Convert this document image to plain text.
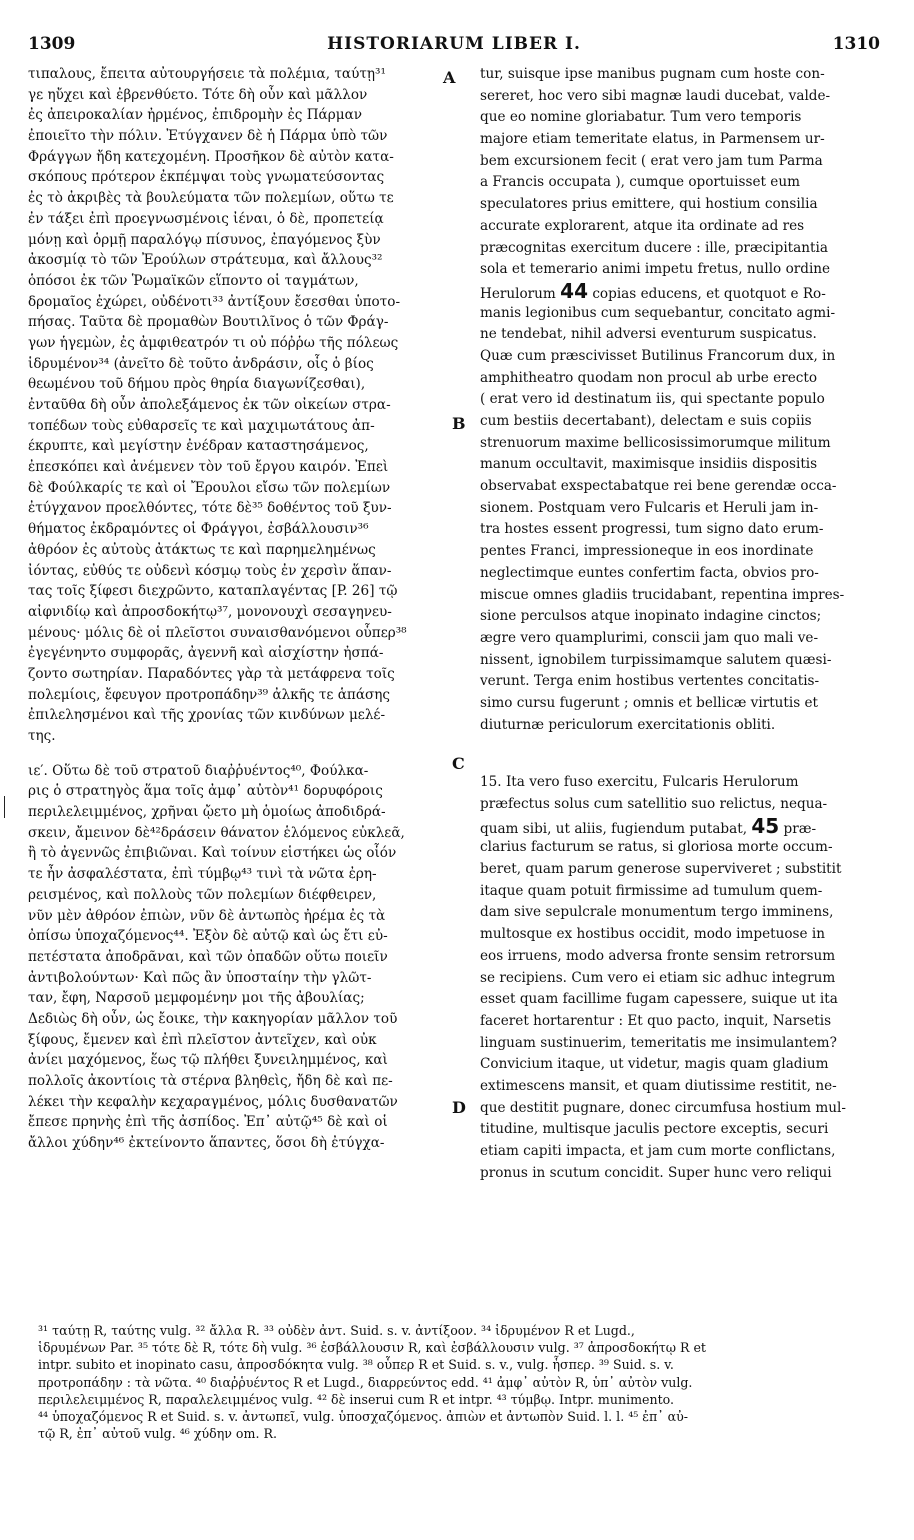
1309	HISTORIARUM LIBER I.	1310
τιπαλους, ἔπειτα αὐτουργήσειε τὰ πολέμια, ταύτῃ³¹
γε ηὔχει καὶ ἐβρενθύετο. Τότε δὴ οὖν καὶ μᾶλλον
ἐς ἀπειροκαλίαν ἠρμένος, ἐπιδρομὴν ἐς Πάρμαν
ἐποιεῖτο τὴν πόλιν. Ἐτύγχανεν δὲ ἡ Πάρμα ὑπὸ τῶν
Φράγγων ἤδη κατεχομένη. Προσῆκον δὲ αὐτὸν κατα-
σκόπους πρότερον ἐκπέμψαι τοὺς γνωματεύσοντας
ἐς τὸ ἀκριβὲς τὰ βουλεύματα τῶν πολεμίων, οὕτω τε
ἐν τάξει ἐπὶ προεγνωσμένοις ἰέναι, ὁ δὲ, προπετείᾳ
μόνῃ καὶ ὁρμῇ παραλόγῳ πίσυνος, ἐπαγόμενος ξὺν
ἀκοσμίᾳ τὸ τῶν Ἐρούλων στράτευμα, καὶ ἄλλους³²
ὁπόσοι ἐκ τῶν Ῥωμαϊκῶν εἵποντο οἱ ταγμάτων,
δρομαῖος ἐχώρει, οὐδένοτι³³ ἀντίξουν ἔσεσθαι ὑποτο-
πήσας. Ταῦτα δὲ προμαθὼν Βουτιλῖνος ὁ τῶν Φράγ-
γων ἡγεμὼν, ἐς ἀμφιθεατρόν τι οὐ πόῤῥω τῆς πόλεως
ἱδρυμένον³⁴ (ἀνεῖτο δὲ τοῦτο ἀνδράσιν, οἷς ὁ βίος
θεωμένου τοῦ δήμου πρὸς θηρία διαγωνίζεσθαι),
ἐνταῦθα δὴ οὖν ἀπολεξάμενος ἐκ τῶν οἰκείων στρα-
τοπέδων τοὺς εὐθαρσεῖς τε καὶ μαχιμωτάτους ἀπ-
έκρυπτε, καὶ μεγίστην ἐνέδραν καταστησάμενος,
ἐπεσκόπει καὶ ἀνέμενεν τὸν τοῦ ἔργου καιρόν. Ἐπεὶ
δὲ Φούλκαρίς τε καὶ οἱ Ἔρουλοι εἴσω τῶν πολεμίων
ἐτύγχανον προελθόντες, τότε δὲ³⁵ δοθέντος τοῦ ξυν-
θήματος ἐκδραμόντες οἱ Φράγγοι, ἐσβάλλουσιν³⁶
ἀθρόον ἐς αὐτοὺς ἀτάκτως τε καὶ παρημελημένως
ἰόντας, εὐθύς τε οὐδενὶ κόσμῳ τοὺς ἐν χερσὶν ἅπαν-
τας τοῖς ξίφεσι διεχρῶντο, καταπλαγέντας [P. 26] τῷ
αἰφνιδίῳ καὶ ἀπροσδοκήτῳ³⁷, μονονουχὶ σεσαγηνευ-
μένους· μόλις δὲ οἱ πλεῖστοι συναισθανόμενοι οὗπερ³⁸
ἐγεγένηντο συμφορᾶς, ἀγεννῆ καὶ αἰσχίστην ἠσπά-
ζοντο σωτηρίαν. Παραδόντες γὰρ τὰ μετάφρενα τοῖς
πολεμίοις, ἔφευγον προτροπάδην³⁹ ἀλκῆς τε ἁπάσης
ἐπιλελησμένοι καὶ τῆς χρονίας τῶν κινδύνων μελέ-
της.
ιε′. Οὕτω δὲ τοῦ στρατοῦ διαῤῥυέντος⁴⁰, Φούλκα-
ρις ὁ στρατηγὸς ἅμα τοῖς ἀμφ᾽ αὐτὸν⁴¹ δορυφόροις
περιλελειμμένος, χρῆναι ᾤετο μὴ ὁμοίως ἀποδιδρά-
σκειν, ἄμεινον δὲ⁴²δράσειν θάνατον ἑλόμενος εὐκλεᾶ,
ἢ τὸ ἀγεννῶς ἐπιβιῶναι. Καὶ τοίνυν εἱστήκει ὡς οἷόν
τε ἦν ἀσφαλέστατα, ἐπὶ τύμβῳ⁴³ τινὶ τὰ νῶτα ἐρη-
ρεισμένος, καὶ πολλοὺς τῶν πολεμίων διέφθειρεν,
νῦν μὲν ἀθρόον ἐπιὼν, νῦν δὲ ἀντωπὸς ἠρέμα ἐς τὰ
ὀπίσω ὑποχαζόμενος⁴⁴. Ἐξὸν δὲ αὐτῷ καὶ ὡς ἔτι εὐ-
πετέστατα ἀποδρᾶναι, καὶ τῶν ὀπαδῶν οὕτω ποιεῖν
ἀντιβολούντων· Καὶ πῶς ἂν ὑποσταίην τὴν γλῶτ-
ταν, ἔφη, Ναρσοῦ μεμφομένην μοι τῆς ἀβουλίας;
Δεδιὼς δὴ οὖν, ὡς ἔοικε, τὴν κακηγορίαν μᾶλλον τοῦ
ξίφους, ἔμενεν καὶ ἐπὶ πλεῖστον ἀντεῖχεν, καὶ οὐκ
ἀνίει μαχόμενος, ἕως τῷ πλήθει ξυνειλημμένος, καὶ
πολλοῖς ἀκοντίοις τὰ στέρνα βληθεὶς, ἤδη δὲ καὶ πε-
λέκει τὴν κεφαλὴν κεχαραγμένος, μόλις δυσθανατῶν
ἔπεσε πρηνὴς ἐπὶ τῆς ἀσπίδος. Ἐπ᾽ αὐτῷ⁴⁵ δὲ καὶ οἱ
ἄλλοι χύδην⁴⁶ ἐκτείνοντο ἅπαντες, ὅσοι δὴ ἐτύγχα-
A
B
C
D
tur, suisque ipse manibus pugnam cum hoste con-
sereret, hoc vero sibi magnæ laudi ducebat, valde-
que eo nomine gloriabatur. Tum vero temporis
majore etiam temeritate elatus, in Parmensem ur-
bem excursionem fecit ( erat vero jam tum Parma
a Francis occupata ), cumque oportuisset eum
speculatores prius emittere, qui hostium consilia
accurate explorarent, atque ita ordinate ad res
præcognitas exercitum ducere : ille, præcipitantia
sola et temerario animi impetu fretus, nullo ordine
Herulorum 44 copias educens, et quotquot e Ro-
manis legionibus cum sequebantur, concitato agmi-
ne tendebat, nihil adversi eventurum suspicatus.
Quæ cum præscivisset Butilinus Francorum dux, in
amphitheatro quodam non procul ab urbe erecto
( erat vero id destinatum iis, qui spectante populo
cum bestiis decertabant), delectam e suis copiis
strenuorum maxime bellicosissimorumque militum
manum occultavit, maximisque insidiis dispositis
observabat exspectabatque rei bene gerendæ occa-
sionem. Postquam vero Fulcaris et Heruli jam in-
tra hostes essent progressi, tum signo dato erum-
pentes Franci, impressioneque in eos inordinate
neglectimque euntes confertim facta, obvios pro-
miscue omnes gladiis trucidabant, repentina impres-
sione perculsos atque inopinato indagine cinctos;
ægre vero quamplurimi, conscii jam quo mali ve-
nissent, ignobilem turpissimamque salutem quæsi-
verunt. Terga enim hostibus vertentes concitatis-
simo cursu fugerunt ; omnis et bellicæ virtutis et
diuturnæ periculorum exercitationis obliti.
15. Ita vero fuso exercitu, Fulcaris Herulorum
præfectus solus cum satellitio suo relictus, nequa-
quam sibi, ut aliis, fugiendum putabat, 45 præ-
clarius facturum se ratus, si gloriosa morte occum-
beret, quam parum generose superviveret ; substitit
itaque quam potuit firmissime ad tumulum quem-
dam sive sepulcrale monumentum tergo imminens,
multosque ex hostibus occidit, modo impetuose in
eos irruens, modo adversa fronte sensim retrorsum
se recipiens. Cum vero ei etiam sic adhuc integrum
esset quam facillime fugam capessere, suique ut ita
faceret hortarentur : Et quo pacto, inquit, Narsetis
linguam sustinuerim, temeritatis me insimulantem?
Convicium itaque, ut videtur, magis quam gladium
extimescens mansit, et quam diutissime restitit, ne-
que destitit pugnare, donec circumfusa hostium mul-
titudine, multisque jaculis pectore exceptis, securi
etiam capiti impacta, et jam cum morte conflictans,
pronus in scutum concidit. Super hunc vero reliqui
³¹ ταύτῃ R, ταύτης vulg. ³² ἄλλα R. ³³ οὐδὲν ἀντ. Suid. s. v. ἀντίξοον. ³⁴ ἱδρυμένον R et Lugd.,
ἱδρυμένων Par. ³⁵ τότε δὲ R, τότε δὴ vulg. ³⁶ ἐσβάλλουσιν R, καὶ ἐσβάλλουσιν vulg. ³⁷ ἀπροσδοκήτῳ R et
intpr. subito et inopinato casu, ἀπροσδόκητα vulg. ³⁸ οὗπερ R et Suid. s. v., vulg. ἧσπερ. ³⁹ Suid. s. v.
προτροπάδην : τὰ νῶτα. ⁴⁰ διαῤῥυέντος R et Lugd., διαρρεύντος edd. ⁴¹ ἀμφ᾽ αὐτὸν R, ὑπ᾽ αὐτὸν vulg.
περιλελειμμένος R, παραλελειμμένος vulg. ⁴² δὲ inserui cum R et intpr. ⁴³ τύμβῳ. Intpr. munimento.
⁴⁴ ὑποχαζόμενος R et Suid. s. v. ἀντωπεῖ, vulg. ὑποσχαζόμενος. ἀπιὼν et ἀντωπὸν Suid. l. l. ⁴⁵ ἐπ᾽ αὐ-
τῷ R, ἐπ᾽ αὐτοῦ vulg. ⁴⁶ χύδην om. R.
